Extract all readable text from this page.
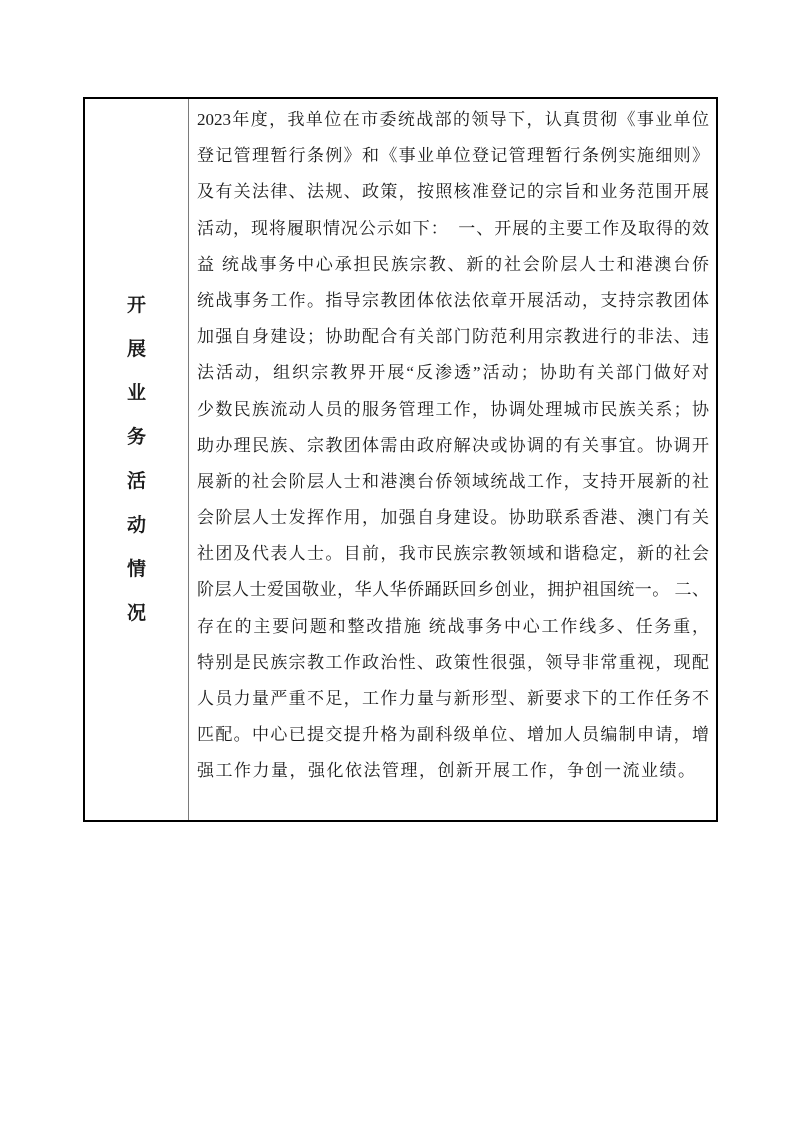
开
展
业
务
活
动
情
况
2023年度，我单位在市委统战部的领导下，认真贯彻《事业单位
登记管理暂行条例》和《事业单位登记管理暂行条例实施细则》
及有关法律、法规、政策，按照核准登记的宗旨和业务范围开展
活动，现将履职情况公示如下：　一、开展的主要工作及取得的效
益 统战事务中心承担民族宗教、新的社会阶层人士和港澳台侨
统战事务工作。指导宗教团体依法依章开展活动，支持宗教团体
加强自身建设；协助配合有关部门防范利用宗教进行的非法、违
法活动，组织宗教界开展“反渗透”活动；协助有关部门做好对
少数民族流动人员的服务管理工作，协调处理城市民族关系；协
助办理民族、宗教团体需由政府解决或协调的有关事宜。协调开
展新的社会阶层人士和港澳台侨领域统战工作，支持开展新的社
会阶层人士发挥作用，加强自身建设。协助联系香港、澳门有关
社团及代表人士。目前，我市民族宗教领域和谐稳定，新的社会
阶层人士爱国敬业，华人华侨踊跃回乡创业，拥护祖国统一。 二、
存在的主要问题和整改措施 统战事务中心工作线多、任务重，
特别是民族宗教工作政治性、政策性很强，领导非常重视，现配
人员力量严重不足，工作力量与新形型、新要求下的工作任务不
匹配。中心已提交提升格为副科级单位、增加人员编制申请，增
强工作力量，强化依法管理，创新开展工作，争创一流业绩。
